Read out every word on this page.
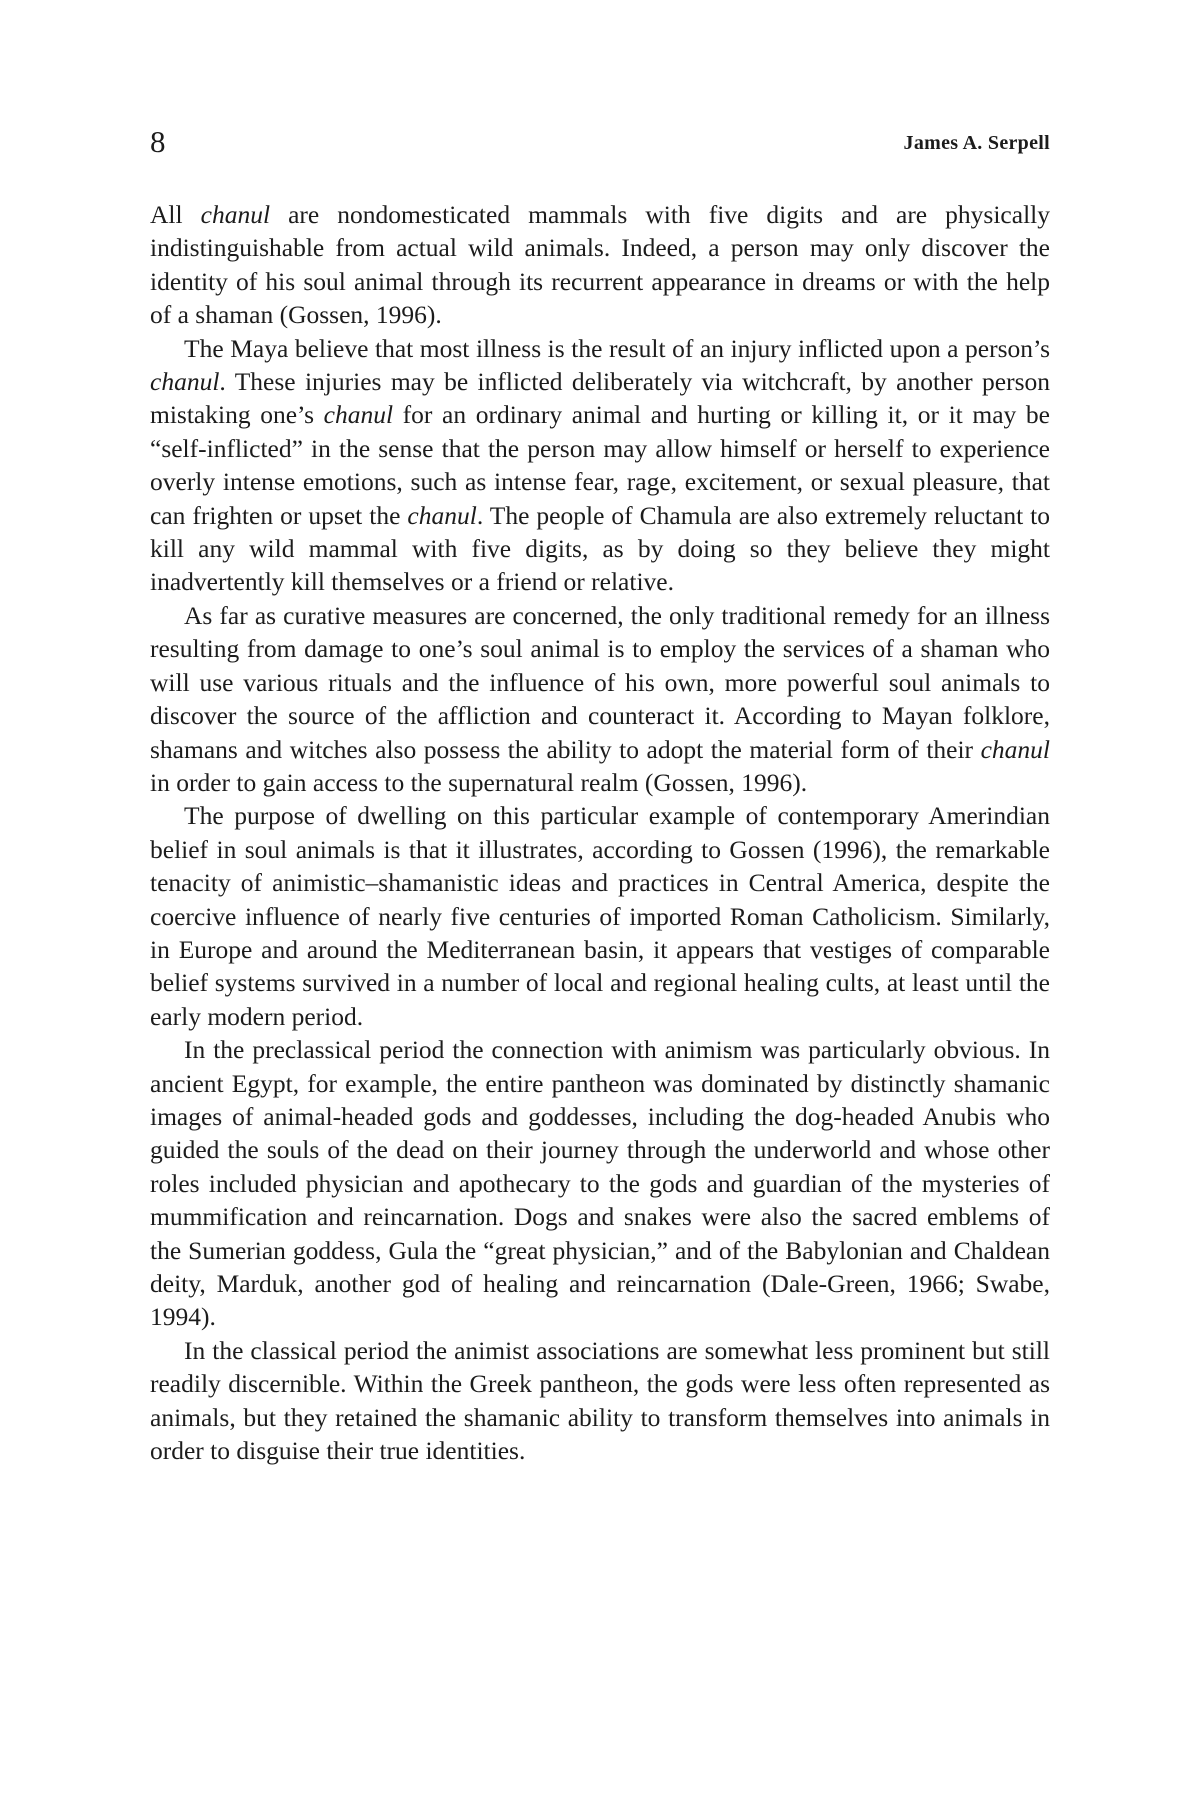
8	James A. Serpell

All chanul are nondomesticated mammals with five digits and are physically indistinguishable from actual wild animals. Indeed, a person may only discover the identity of his soul animal through its recurrent appearance in dreams or with the help of a shaman (Gossen, 1996).

The Maya believe that most illness is the result of an injury inflicted upon a person’s chanul. These injuries may be inflicted deliberately via witchcraft, by another person mistaking one’s chanul for an ordinary animal and hurting or killing it, or it may be “self-inflicted” in the sense that the person may allow himself or herself to experience overly intense emotions, such as intense fear, rage, excitement, or sexual pleasure, that can frighten or upset the chanul. The people of Chamula are also extremely reluctant to kill any wild mammal with five digits, as by doing so they believe they might inadvertently kill themselves or a friend or relative.

As far as curative measures are concerned, the only traditional remedy for an illness resulting from damage to one’s soul animal is to employ the services of a shaman who will use various rituals and the influence of his own, more powerful soul animals to discover the source of the affliction and counteract it. According to Mayan folklore, shamans and witches also possess the ability to adopt the material form of their chanul in order to gain access to the supernatural realm (Gossen, 1996).

The purpose of dwelling on this particular example of contemporary Amerindian belief in soul animals is that it illustrates, according to Gossen (1996), the remarkable tenacity of animistic–shamanistic ideas and practices in Central America, despite the coercive influence of nearly five centuries of imported Roman Catholicism. Similarly, in Europe and around the Mediterranean basin, it appears that vestiges of comparable belief systems survived in a number of local and regional healing cults, at least until the early modern period.

In the preclassical period the connection with animism was particularly obvious. In ancient Egypt, for example, the entire pantheon was dominated by distinctly shamanic images of animal-headed gods and goddesses, including the dog-headed Anubis who guided the souls of the dead on their journey through the underworld and whose other roles included physician and apothecary to the gods and guardian of the mysteries of mummification and reincarnation. Dogs and snakes were also the sacred emblems of the Sumerian goddess, Gula the “great physician,” and of the Babylonian and Chaldean deity, Marduk, another god of healing and reincarnation (Dale-Green, 1966; Swabe, 1994).

In the classical period the animist associations are somewhat less prominent but still readily discernible. Within the Greek pantheon, the gods were less often represented as animals, but they retained the shamanic ability to transform themselves into animals in order to disguise their true identities.
